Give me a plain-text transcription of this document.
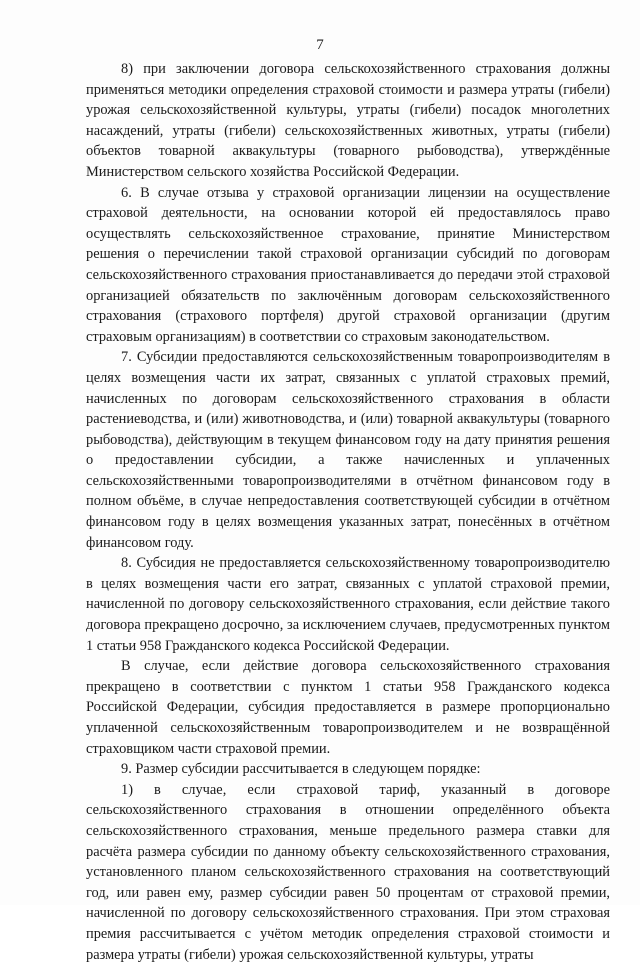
7

8) при заключении договора сельскохозяйственного страхования должны применяться методики определения страховой стоимости и размера утраты (гибели) урожая сельскохозяйственной культуры, утраты (гибели) посадок многолетних насаждений, утраты (гибели) сельскохозяйственных животных, утраты (гибели) объектов товарной аквакультуры (товарного рыбоводства), утверждённые Министерством сельского хозяйства Российской Федерации.

6. В случае отзыва у страховой организации лицензии на осуществление страховой деятельности, на основании которой ей предоставлялось право осуществлять сельскохозяйственное страхование, принятие Министерством решения о перечислении такой страховой организации субсидий по договорам сельскохозяйственного страхования приостанавливается до передачи этой страховой организацией обязательств по заключённым договорам сельскохозяйственного страхования (страхового портфеля) другой страховой организации (другим страховым организациям) в соответствии со страховым законодательством.

7. Субсидии предоставляются сельскохозяйственным товаропроизводителям в целях возмещения части их затрат, связанных с уплатой страховых премий, начисленных по договорам сельскохозяйственного страхования в области растениеводства, и (или) животноводства, и (или) товарной аквакультуры (товарного рыбоводства), действующим в текущем финансовом году на дату принятия решения о предоставлении субсидии, а также начисленных и уплаченных сельскохозяйственными товаропроизводителями в отчётном финансовом году в полном объёме, в случае непредоставления соответствующей субсидии в отчётном финансовом году в целях возмещения указанных затрат, понесённых в отчётном финансовом году.

8. Субсидия не предоставляется сельскохозяйственному товаропроизводителю в целях возмещения части его затрат, связанных с уплатой страховой премии, начисленной по договору сельскохозяйственного страхования, если действие такого договора прекращено досрочно, за исключением случаев, предусмотренных пунктом 1 статьи 958 Гражданского кодекса Российской Федерации.

В случае, если действие договора сельскохозяйственного страхования прекращено в соответствии с пунктом 1 статьи 958 Гражданского кодекса Российской Федерации, субсидия предоставляется в размере пропорционально уплаченной сельскохозяйственным товаропроизводителем и не возвращённой страховщиком части страховой премии.

9. Размер субсидии рассчитывается в следующем порядке:

1) в случае, если страховой тариф, указанный в договоре сельскохозяйственного страхования в отношении определённого объекта сельскохозяйственного страхования, меньше предельного размера ставки для расчёта размера субсидии по данному объекту сельскохозяйственного страхования, установленного планом сельскохозяйственного страхования на соответствующий год, или равен ему, размер субсидии равен 50 процентам от страховой премии, начисленной по договору сельскохозяйственного страхования. При этом страховая премия рассчитывается с учётом методик определения страховой стоимости и размера утраты (гибели) урожая сельскохозяйственной культуры, утраты
